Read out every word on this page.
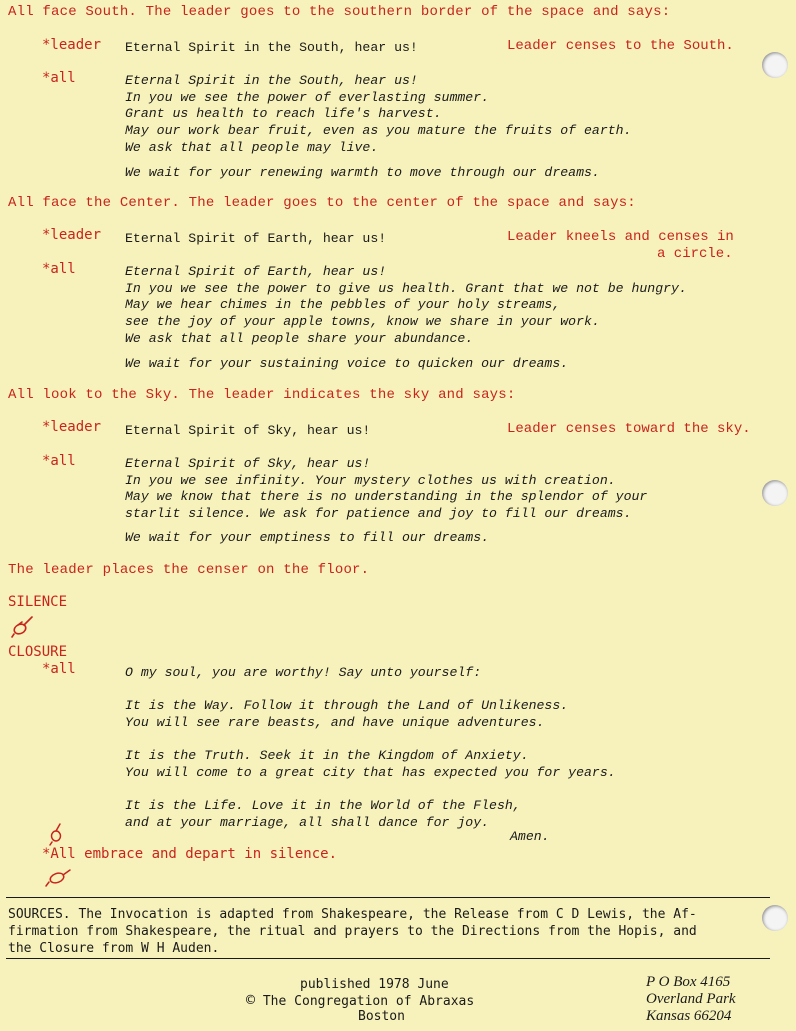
All face South. The leader goes to the southern border of the space and says:
*leader Eternal Spirit in the South, hear us!	Leader censes to the South.
*all	Eternal Spirit in the South, hear us!
In you we see the power of everlasting summer.
Grant us health to reach life's harvest.
May our work bear fruit, even as you mature the fruits of earth.
We ask that all people may live.
We wait for your renewing warmth to move through our dreams.
All face the Center. The leader goes to the center of the space and says:
*leader Eternal Spirit of Earth, hear us!	Leader kneels and censes in
a circle.
*all	Eternal Spirit of Earth, hear us!
In you we see the power to give us health. Grant that we not be hungry.
May we hear chimes in the pebbles of your holy streams,
see the joy of your apple towns, know we share in your work.
We ask that all people share your abundance.
We wait for your sustaining voice to quicken our dreams.
All look to the Sky. The leader indicates the sky and says:
*leader Eternal Spirit of Sky, hear us!	Leader censes toward the sky.
*all	Eternal Spirit of Sky, hear us!
In you we see infinity. Your mystery clothes us with creation.
May we know that there is no understanding in the splendor of your
starlit silence. We ask for patience and joy to fill our dreams.
We wait for your emptiness to fill our dreams.
The leader places the censer on the floor.
SILENCE
CLOSURE
*all	O my soul, you are worthy! Say unto yourself:
It is the Way. Follow it through the Land of Unlikeness.
You will see rare beasts, and have unique adventures.
It is the Truth. Seek it in the Kingdom of Anxiety.
You will come to a great city that has expected you for years.
It is the Life. Love it in the World of the Flesh,
and at your marriage, all shall dance for joy.
Amen.
*All embrace and depart in silence.
SOURCES. The Invocation is adapted from Shakespeare, the Release from C D Lewis, the Af-
firmation from Shakespeare, the ritual and prayers to the Directions from the Hopis, and
the Closure from W H Auden.
published 1978 June
© The Congregation of Abraxas
Boston
P O Box 4165
Overland Park
Kansas 66204
